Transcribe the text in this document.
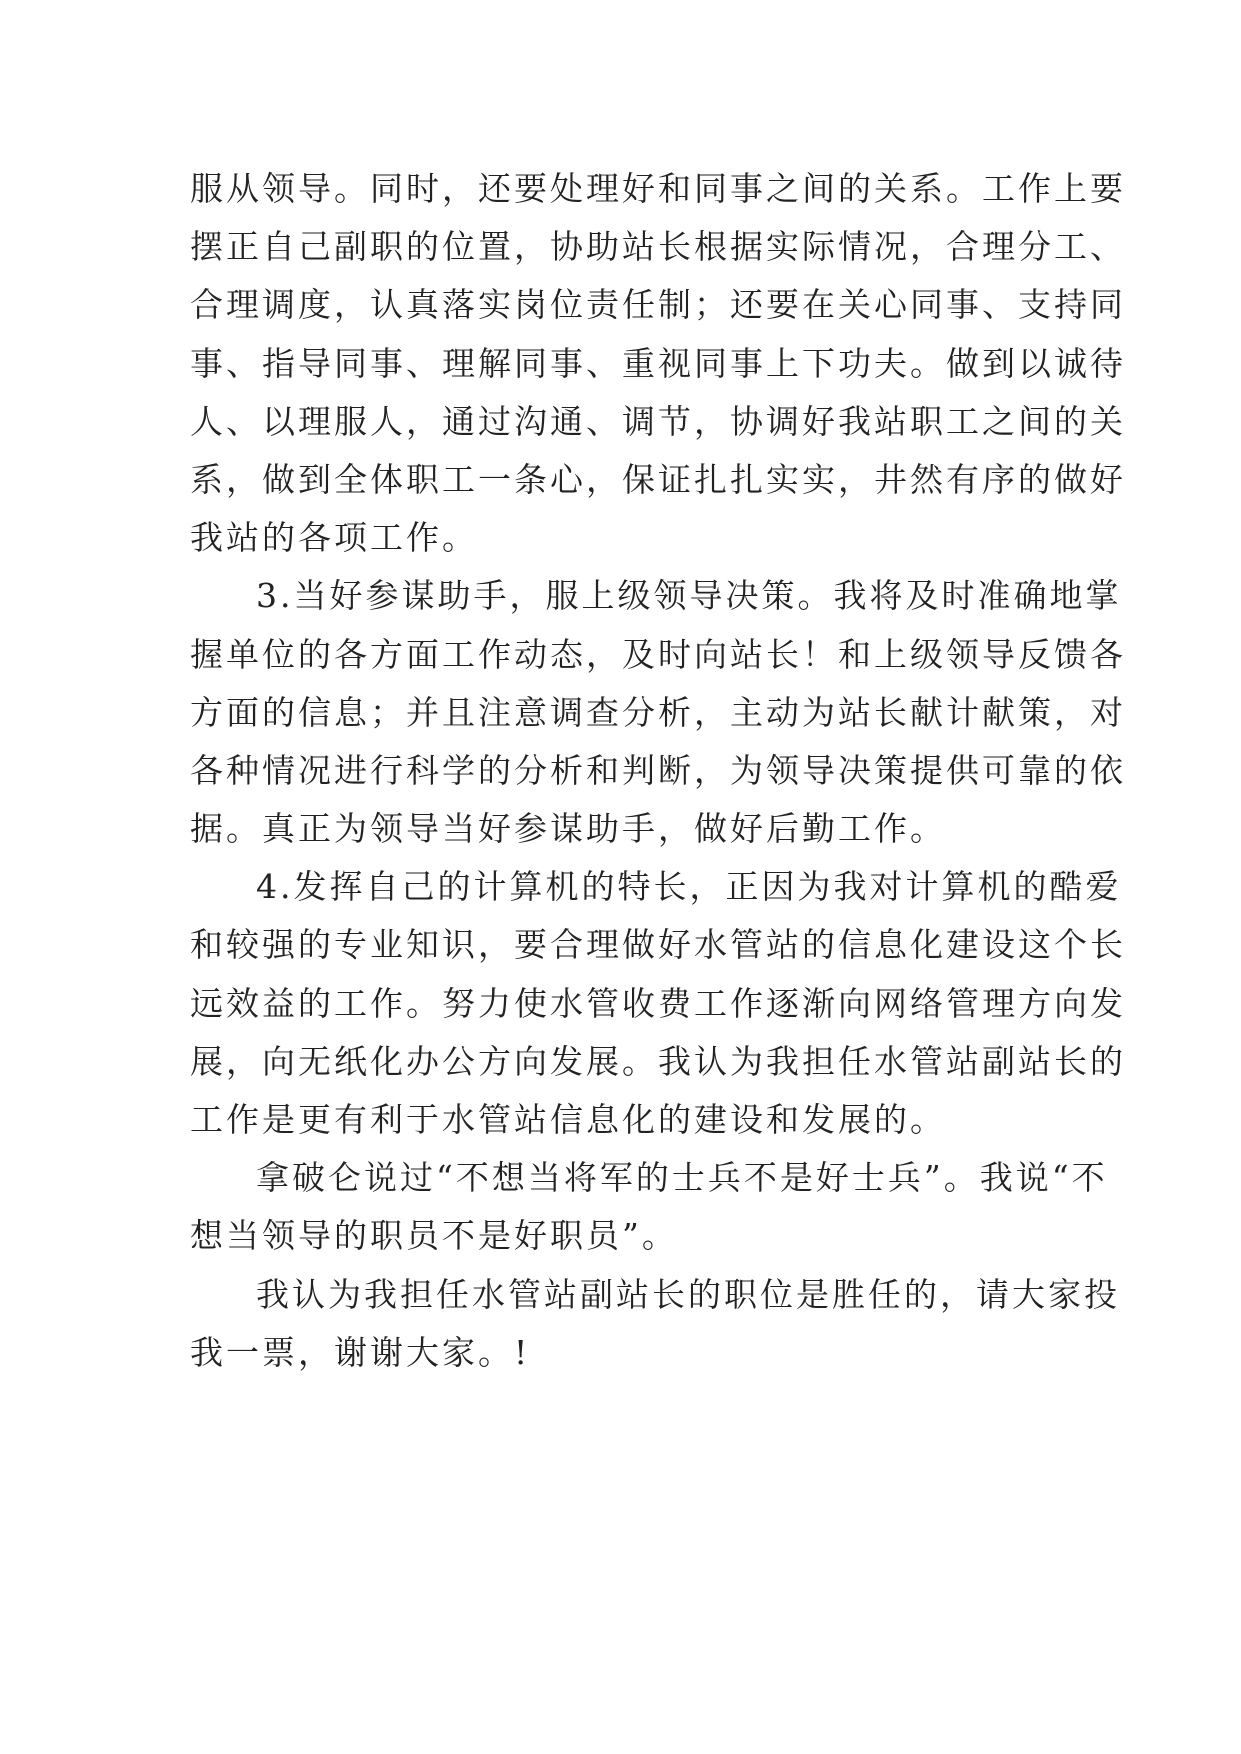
服从领导。同时，还要处理好和同事之间的关系。工作上要
摆正自己副职的位置，协助站长根据实际情况，合理分工、
合理调度，认真落实岗位责任制；还要在关心同事、支持同
事、指导同事、理解同事、重视同事上下功夫。做到以诚待
人、以理服人，通过沟通、调节，协调好我站职工之间的关
系，做到全体职工一条心，保证扎扎实实，井然有序的做好
我站的各项工作。
3.当好参谋助手，服上级领导决策。我将及时准确地掌
握单位的各方面工作动态，及时向站长！和上级领导反馈各
方面的信息；并且注意调查分析，主动为站长献计献策，对
各种情况进行科学的分析和判断，为领导决策提供可靠的依
据。真正为领导当好参谋助手，做好后勤工作。
4.发挥自己的计算机的特长，正因为我对计算机的酷爱
和较强的专业知识，要合理做好水管站的信息化建设这个长
远效益的工作。努力使水管收费工作逐渐向网络管理方向发
展，向无纸化办公方向发展。我认为我担任水管站副站长的
工作是更有利于水管站信息化的建设和发展的。
拿破仑说过“不想当将军的士兵不是好士兵”。我说“不
想当领导的职员不是好职员”。
我认为我担任水管站副站长的职位是胜任的，请大家投
我一票，谢谢大家。!
